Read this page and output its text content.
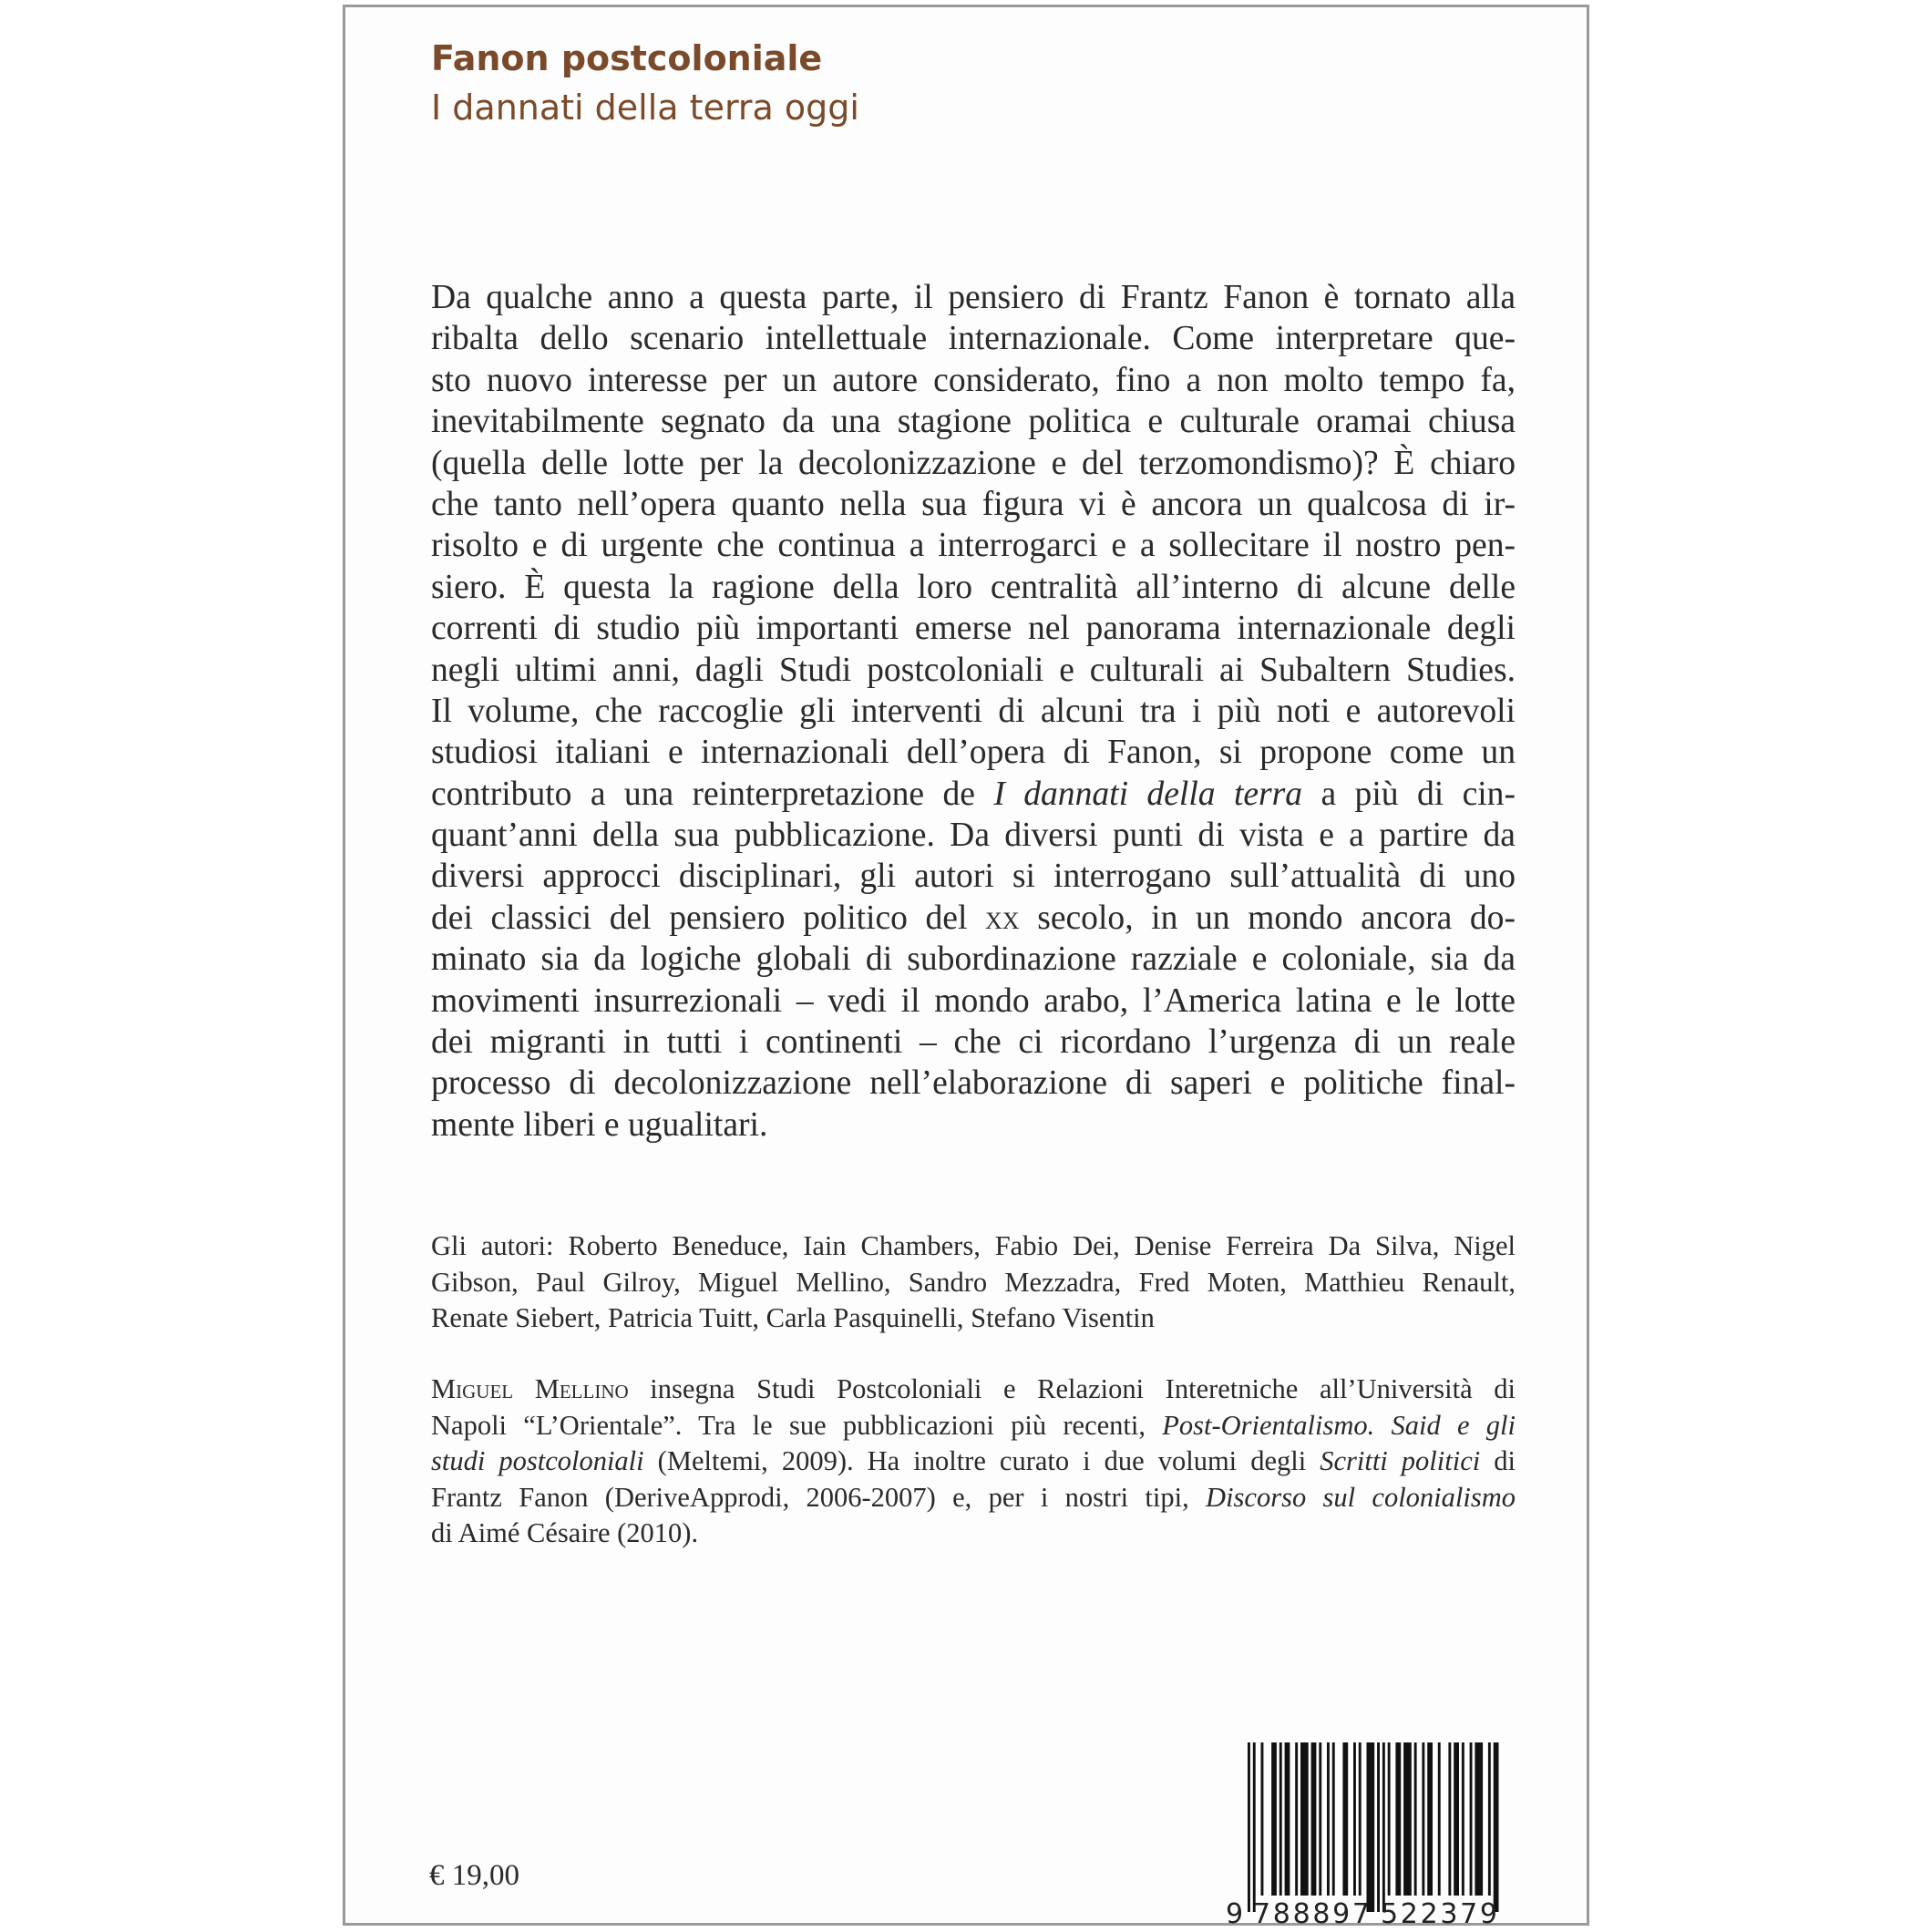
Fanon postcoloniale
I dannati della terra oggi
Da qualche anno a questa parte, il pensiero di Frantz Fanon è tornato alla
ribalta dello scenario intellettuale internazionale. Come interpretare que-
sto nuovo interesse per un autore considerato, fino a non molto tempo fa,
inevitabilmente segnato da una stagione politica e culturale oramai chiusa
(quella delle lotte per la decolonizzazione e del terzomondismo)? È chiaro
che tanto nell’opera quanto nella sua figura vi è ancora un qualcosa di ir-
risolto e di urgente che continua a interrogarci e a sollecitare il nostro pen-
siero. È questa la ragione della loro centralità all’interno di alcune delle
correnti di studio più importanti emerse nel panorama internazionale degli
negli ultimi anni, dagli Studi postcoloniali e culturali ai Subaltern Studies.
Il volume, che raccoglie gli interventi di alcuni tra i più noti e autorevoli
studiosi italiani e internazionali dell’opera di Fanon, si propone come un
contributo a una reinterpretazione de I dannati della terra a più di cin-
quant’anni della sua pubblicazione. Da diversi punti di vista e a partire da
diversi approcci disciplinari, gli autori si interrogano sull’attualità di uno
dei classici del pensiero politico del xx secolo, in un mondo ancora do-
minato sia da logiche globali di subordinazione razziale e coloniale, sia da
movimenti insurrezionali – vedi il mondo arabo, l’America latina e le lotte
dei migranti in tutti i continenti – che ci ricordano l’urgenza di un reale
processo di decolonizzazione nell’elaborazione di saperi e politiche final-
mente liberi e ugualitari.
Gli autori: Roberto Beneduce, Iain Chambers, Fabio Dei, Denise Ferreira Da Silva, Nigel
Gibson, Paul Gilroy, Miguel Mellino, Sandro Mezzadra, Fred Moten, Matthieu Renault,
Renate Siebert, Patricia Tuitt, Carla Pasquinelli, Stefano Visentin
Miguel Mellino insegna Studi Postcoloniali e Relazioni Interetniche all’Università di
Napoli “L’Orientale”. Tra le sue pubblicazioni più recenti, Post-Orientalismo. Said e gli
studi postcoloniali (Meltemi, 2009). Ha inoltre curato i due volumi degli Scritti politici di
Frantz Fanon (DeriveApprodi, 2006-2007) e, per i nostri tipi, Discorso sul colonialismo
di Aimé Césaire (2010).
€ 19,00
9 788897 522379
